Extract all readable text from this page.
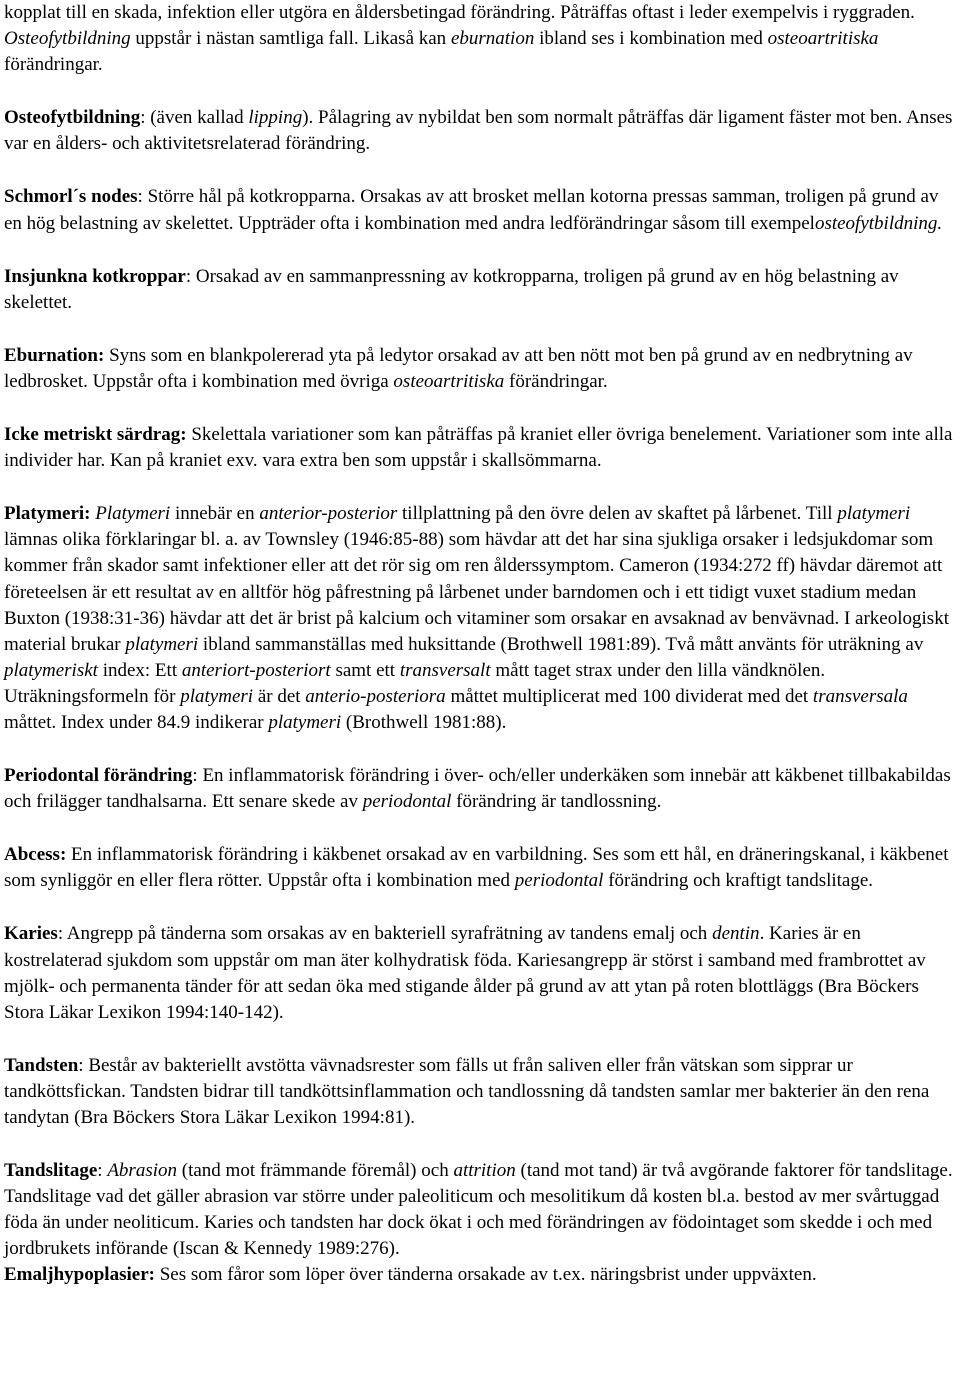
kopplat till en skada, infektion eller utgöra en åldersbetingad förändring. Påträffas oftast i leder exempelvis i ryggraden. Osteofytbildning uppstår i nästan samtliga fall. Likaså kan eburnation ibland ses i kombination med osteoartritiska förändringar.

Osteofytbildning: (även kallad lipping). Pålagring av nybildat ben som normalt påträffas där ligament fäster mot ben. Anses var en ålders- och aktivitetsrelaterad förändring.

Schmorl´s nodes: Större hål på kotkropparna. Orsakas av att brosket mellan kotorna pressas samman, troligen på grund av en hög belastning av skelettet. Uppträder ofta i kombination med andra ledförändringar såsom till exempelosteofytbildning.

Insjunkna kotkroppar: Orsakad av en sammanpressning av kotkropparna, troligen på grund av en hög belastning av skelettet.

Eburnation: Syns som en blankpolererad yta på ledytor orsakad av att ben nött mot ben på grund av en nedbrytning av ledbrosket. Uppstår ofta i kombination med övriga osteoartritiska förändringar.

Icke metriskt särdrag: Skelettala variationer som kan påträffas på kraniet eller övriga benelement. Variationer som inte alla individer har. Kan på kraniet exv. vara extra ben som uppstår i skallsömmarna.

Platymeri: Platymeri innebär en anterior-posterior tillplattning på den övre delen av skaftet på lårbenet. Till platymeri lämnas olika förklaringar bl. a. av Townsley (1946:85-88) som hävdar att det har sina sjukliga orsaker i ledsjukdomar som kommer från skador samt infektioner eller att det rör sig om ren ålderssymptom. Cameron (1934:272 ff) hävdar däremot att företeelsen är ett resultat av en alltför hög påfrestning på lårbenet under barndomen och i ett tidigt vuxet stadium medan Buxton (1938:31-36) hävdar att det är brist på kalcium och vitaminer som orsakar en avsaknad av benvävnad. I arkeologiskt material brukar platymeri ibland sammanställas med huksittande (Brothwell 1981:89). Två mått använts för uträkning av platymeriskt index: Ett anteriort-posteriort samt ett transversalt mått taget strax under den lilla vändknölen. Uträkningsformeln för platymeri är det anterio-posteriora måttet multiplicerat med 100 dividerat med det transversala måttet. Index under 84.9 indikerar platymeri (Brothwell 1981:88).

Periodontal förändring: En inflammatorisk förändring i över- och/eller underkäken som innebär att käkbenet tillbakabildas och frilägger tandhalsarna. Ett senare skede av periodontal förändring är tandlossning.

Abcess: En inflammatorisk förändring i käkbenet orsakad av en varbildning. Ses som ett hål, en dräneringskanal, i käkbenet som synliggör en eller flera rötter. Uppstår ofta i kombination med periodontal förändring och kraftigt tandslitage.

Karies: Angrepp på tänderna som orsakas av en bakteriell syrafrätning av tandens emalj och dentin. Karies är en kostrelaterad sjukdom som uppstår om man äter kolhydratisk föda. Kariesangrepp är störst i samband med frambrottet av mjölk- och permanenta tänder för att sedan öka med stigande ålder på grund av att ytan på roten blottläggs (Bra Böckers Stora Läkar Lexikon 1994:140-142).

Tandsten: Består av bakteriellt avstötta vävnadsrester som fälls ut från saliven eller från vätskan som sipprar ur tandköttsfickan. Tandsten bidrar till tandköttsinflammation och tandlossning då tandsten samlar mer bakterier än den rena tandytan (Bra Böckers Stora Läkar Lexikon 1994:81).

Tandslitage: Abrasion (tand mot främmande föremål) och attrition (tand mot tand) är två avgörande faktorer för tandslitage. Tandslitage vad det gäller abrasion var större under paleoliticum och mesolitikum då kosten bl.a. bestod av mer svårtuggad föda än under neoliticum. Karies och tandsten har dock ökat i och med förändringen av födointaget som skedde i och med jordbrukets införande (Iscan & Kennedy 1989:276).

Emaljhypoplasier: Ses som fåror som löper över tänderna orsakade av t.ex. näringsbrist under uppväxten.
